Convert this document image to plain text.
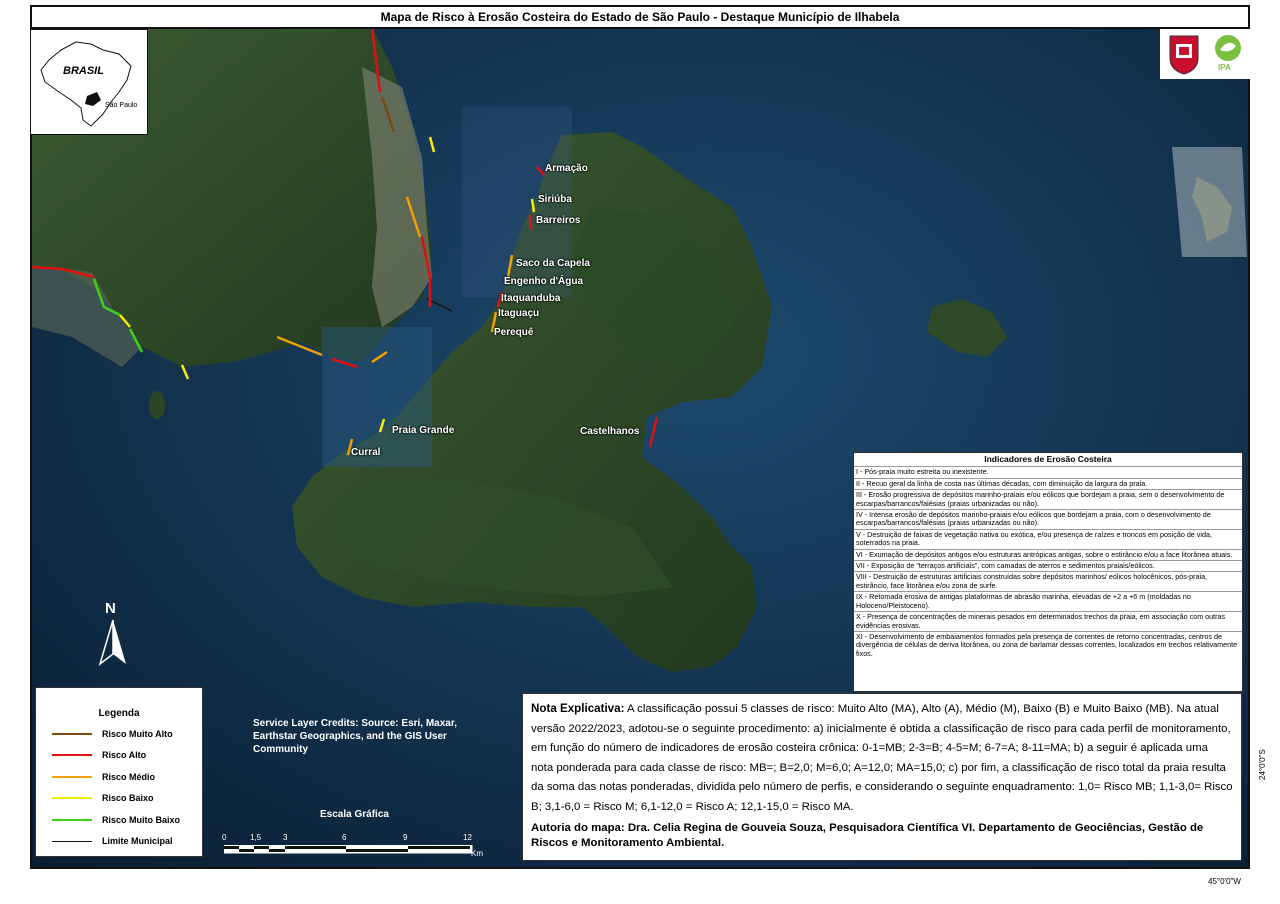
Mapa de Risco à Erosão Costeira do Estado de São Paulo - Destaque Município de Ilhabela
Armação
Siriúba
Barreiros
Saco da Capela
Engenho d'Água
Itaquanduba
Itaguaçu
Perequê
Castelhanos
Praia Grande
Curral
BRASIL
São Paulo
IPA
N
Legenda
Risco Muito Alto
Risco Alto
Risco Médio
Risco Baixo
Risco Muito Baixo
Limite Municipal
Service Layer Credits: Source: Esri, Maxar, Earthstar Geographics, and the GIS User Community
Escala Gráfica
0	1,5	3	6	9	12
Km
Indicadores de Erosão Costeira
I - Pós-praia muito estreita ou inexistente.
II - Recuo geral da linha de costa nas últimas décadas, com diminuição da largura da praia.
III - Erosão progressiva de depósitos marinho-praiais e/ou eólicos que bordejam a praia, sem o desenvolvimento de escarpas/barrancos/falésias (praias urbanizadas ou não).
IV - Intensa erosão de depósitos marinho-praiais e/ou eólicos que bordejam a praia, com o desenvolvimento de escarpas/barrancos/falésias (praias urbanizadas ou não).
V - Destruição de faixas de vegetação nativa ou exótica, e/ou presença de raízes e troncos em posição de vida, soterrados na praia.
VI - Exumação de depósitos antigos e/ou estruturas antrópicas antigas, sobre o estirâncio e/ou a face litorânea atuais.
VII - Exposição de "terraços artificiais", com camadas de aterros e sedimentos praiais/eólicos.
VIII - Destruição de estruturas artificiais construídas sobre depósitos marinhos/ eólicos holocênicos, pós-praia, estirâncio, face litorânea e/ou zona de surfe.
IX - Retomada erosiva de antigas plataformas de abrasão marinha, elevadas de +2 a +6 m (moldadas no Holoceno/Pleistoceno).
X - Presença de concentrações de minerais pesados em determinados trechos da praia, em associação com outras evidências erosivas.
XI - Desenvolvimento de embaiamentos formados pela presença de correntes de retorno concentradas, centros de divergência de células de deriva litorânea, ou zona de barlamar dessas correntes, localizados em trechos relativamente fixos.
Nota Explicativa: A classificação possui 5 classes de risco: Muito Alto (MA), Alto (A), Médio (M), Baixo (B) e Muito Baixo (MB). Na atual versão 2022/2023, adotou-se o seguinte procedimento: a) inicialmente é obtida a classificação de risco para cada perfil de monitoramento, em função do número de indicadores de erosão costeira crônica: 0-1=MB; 2-3=B; 4-5=M; 6-7=A; 8-11=MA; b) a seguir é aplicada uma nota ponderada para cada classe de risco: MB=; B=2,0; M=6,0; A=12,0; MA=15,0; c) por fim, a classificação de risco total da praia resulta da soma das notas ponderadas, dividida pelo número de perfis, e considerando o seguinte enquadramento: 1,0= Risco MB; 1,1-3,0= Risco B; 3,1-6,0 = Risco M; 6,1-12,0 = Risco A; 12,1-15,0 = Risco MA.
Autoria do mapa: Dra. Celia Regina de Gouveia Souza, Pesquisadora Científica VI. Departamento de Geociências, Gestão de Riscos e Monitoramento Ambiental.
24°0'0"S
45°0'0"W
